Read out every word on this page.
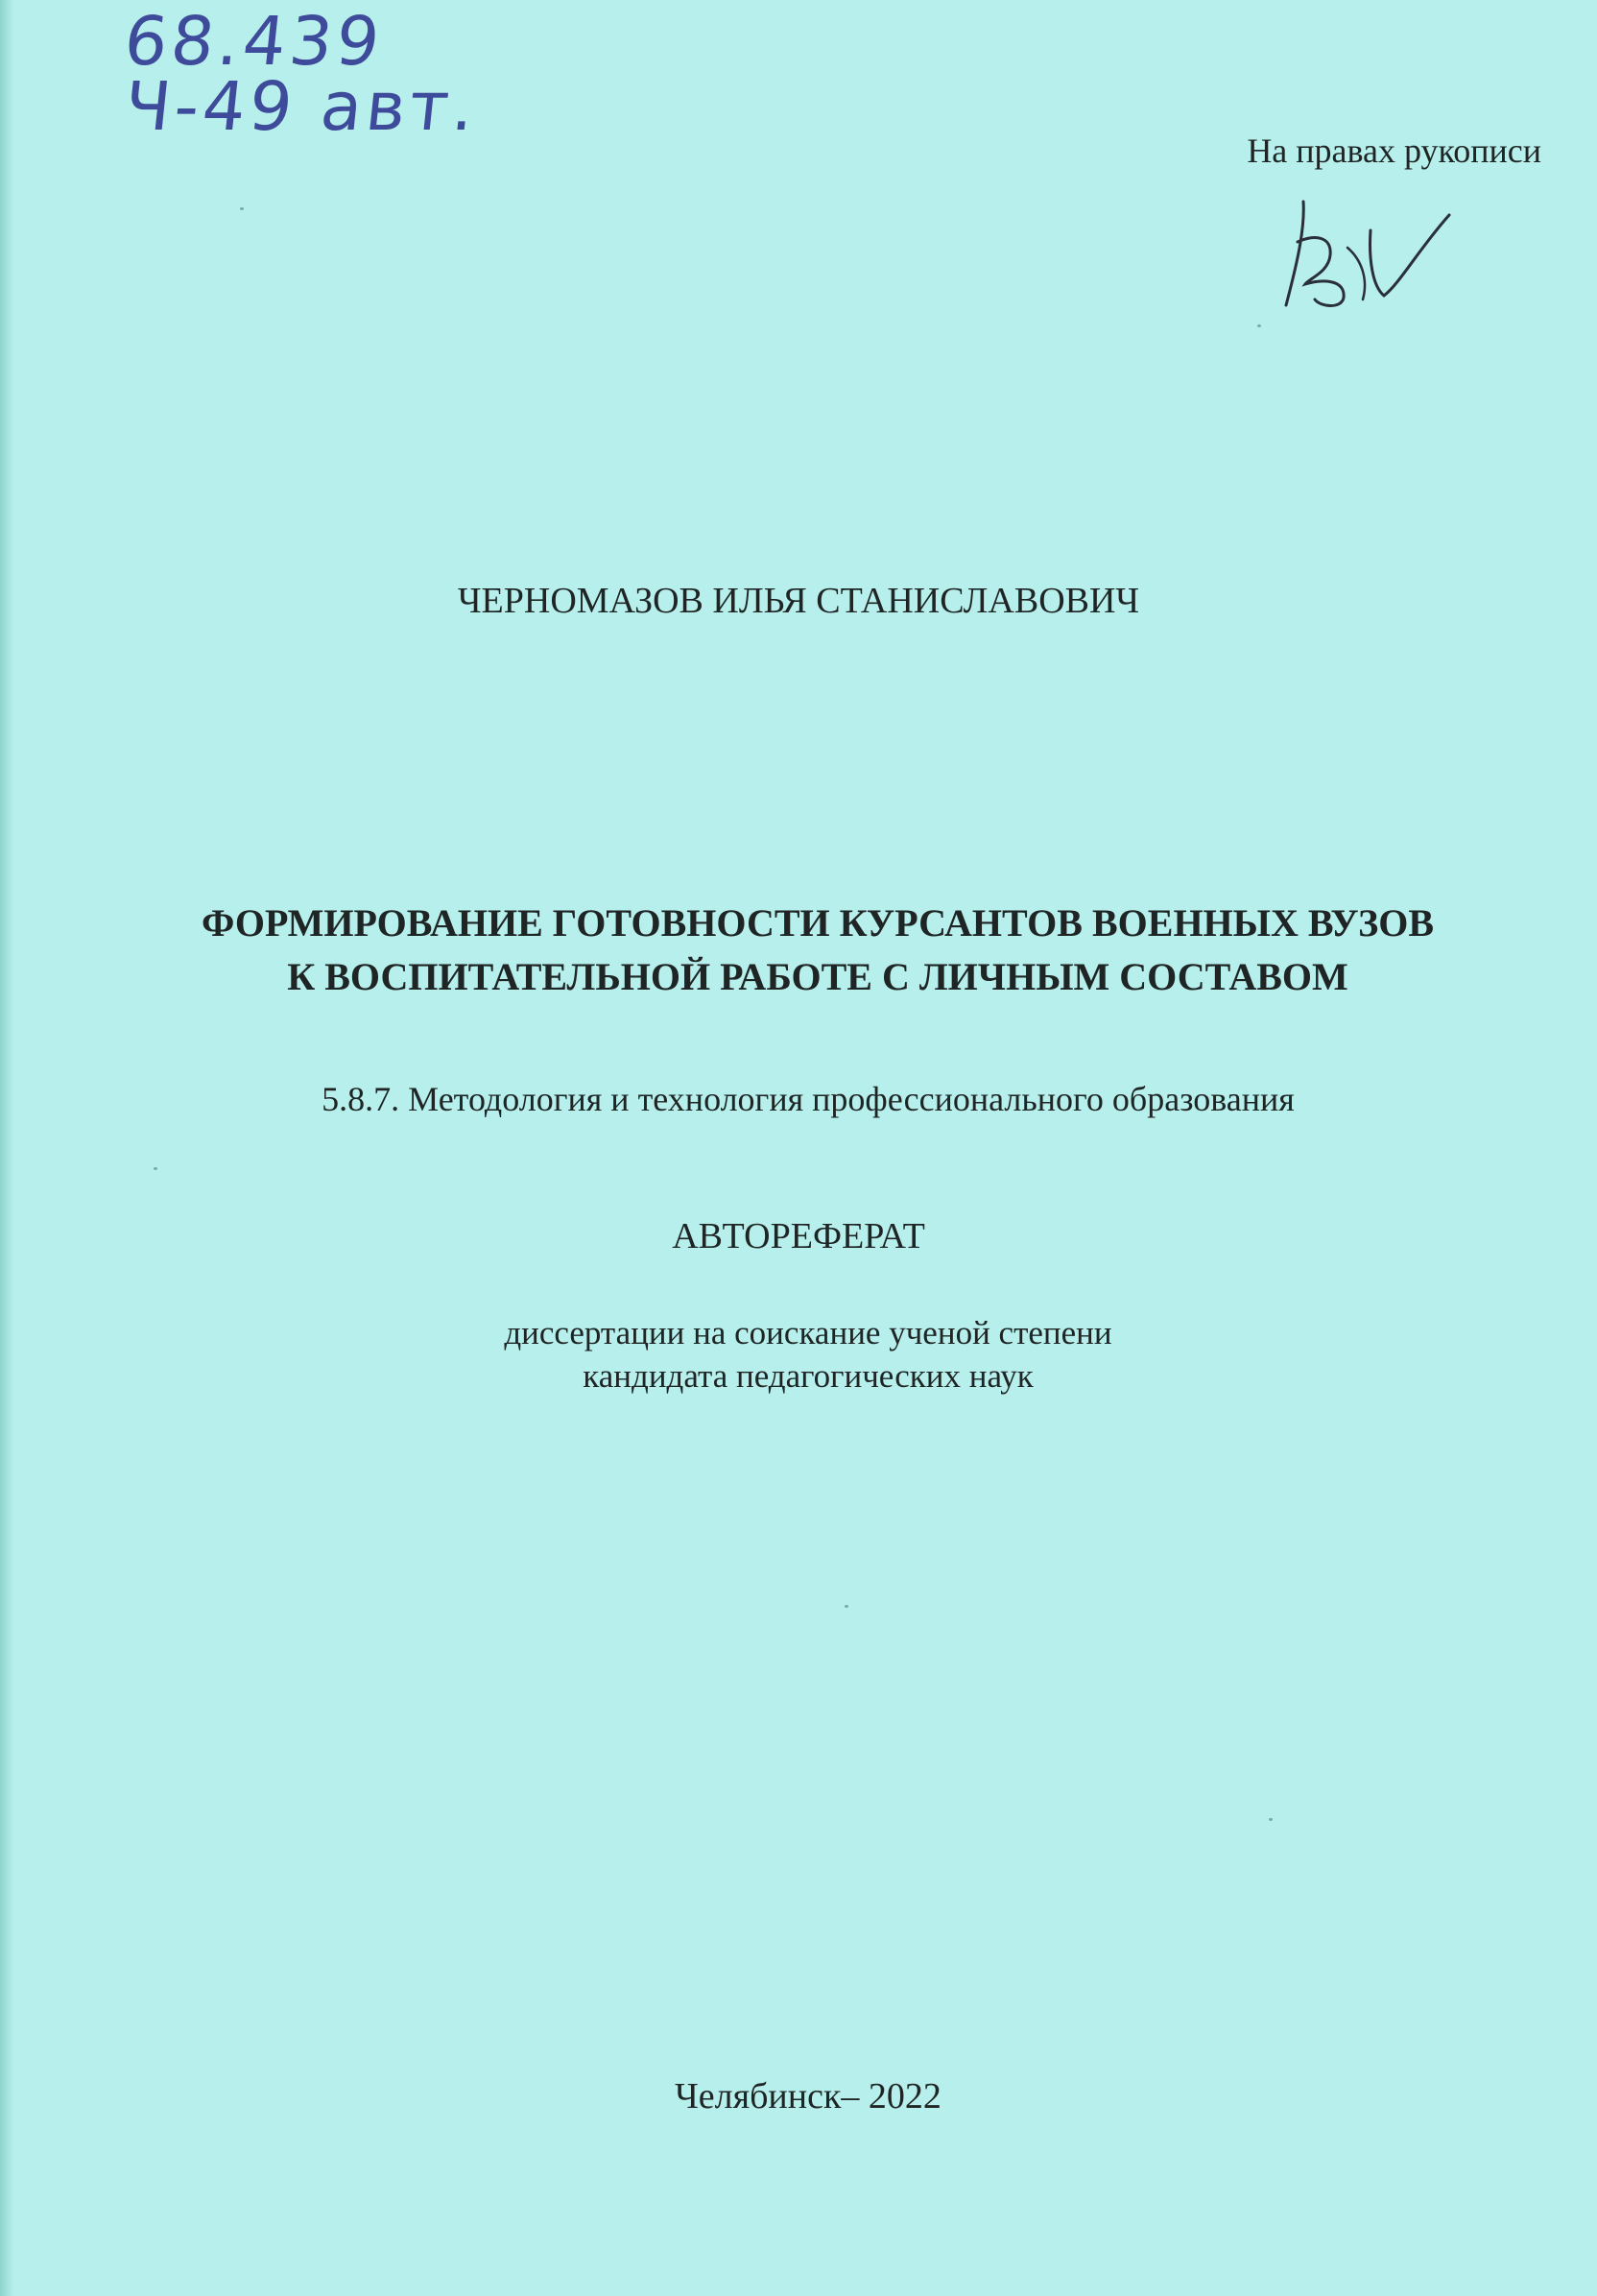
68.439
Ч-49 авт.
На правах рукописи
ЧЕРНОМАЗОВ ИЛЬЯ СТАНИСЛАВОВИЧ
ФОРМИРОВАНИЕ ГОТОВНОСТИ КУРСАНТОВ ВОЕННЫХ ВУЗОВ
К ВОСПИТАТЕЛЬНОЙ РАБОТЕ С ЛИЧНЫМ СОСТАВОМ
5.8.7. Методология и технология профессионального образования
АВТОРЕФЕРАТ
диссертации на соискание ученой степени
кандидата педагогических наук
Челябинск– 2022
